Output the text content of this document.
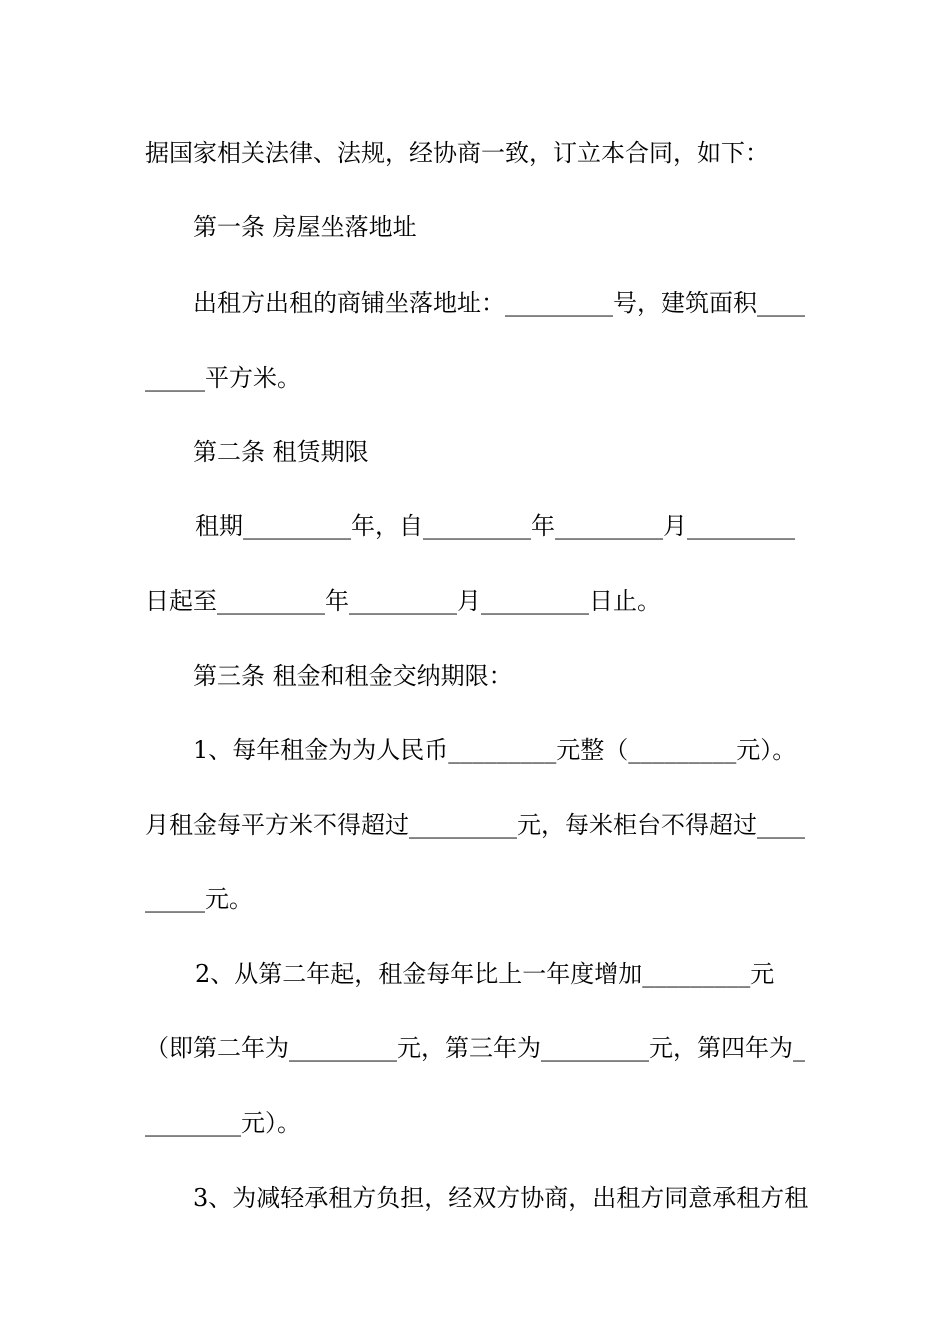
据国家相关法律、法规，经协商一致，订立本合同，如下：
第一条 房屋坐落地址
出租方出租的商铺坐落地址：_________号，建筑面积____
_____平方米。
第二条 租赁期限
租期_________年，自_________年_________月_________
日起至_________年_________月_________日止。
第三条 租金和租金交纳期限：
1、每年租金为为人民币_________元整（_________元）。
月租金每平方米不得超过_________元，每米柜台不得超过____
_____元。
2、从第二年起，租金每年比上一年度增加_________元
（即第二年为_________元，第三年为_________元，第四年为_
________元）。
3、为减轻承租方负担，经双方协商，出租方同意承租方租
